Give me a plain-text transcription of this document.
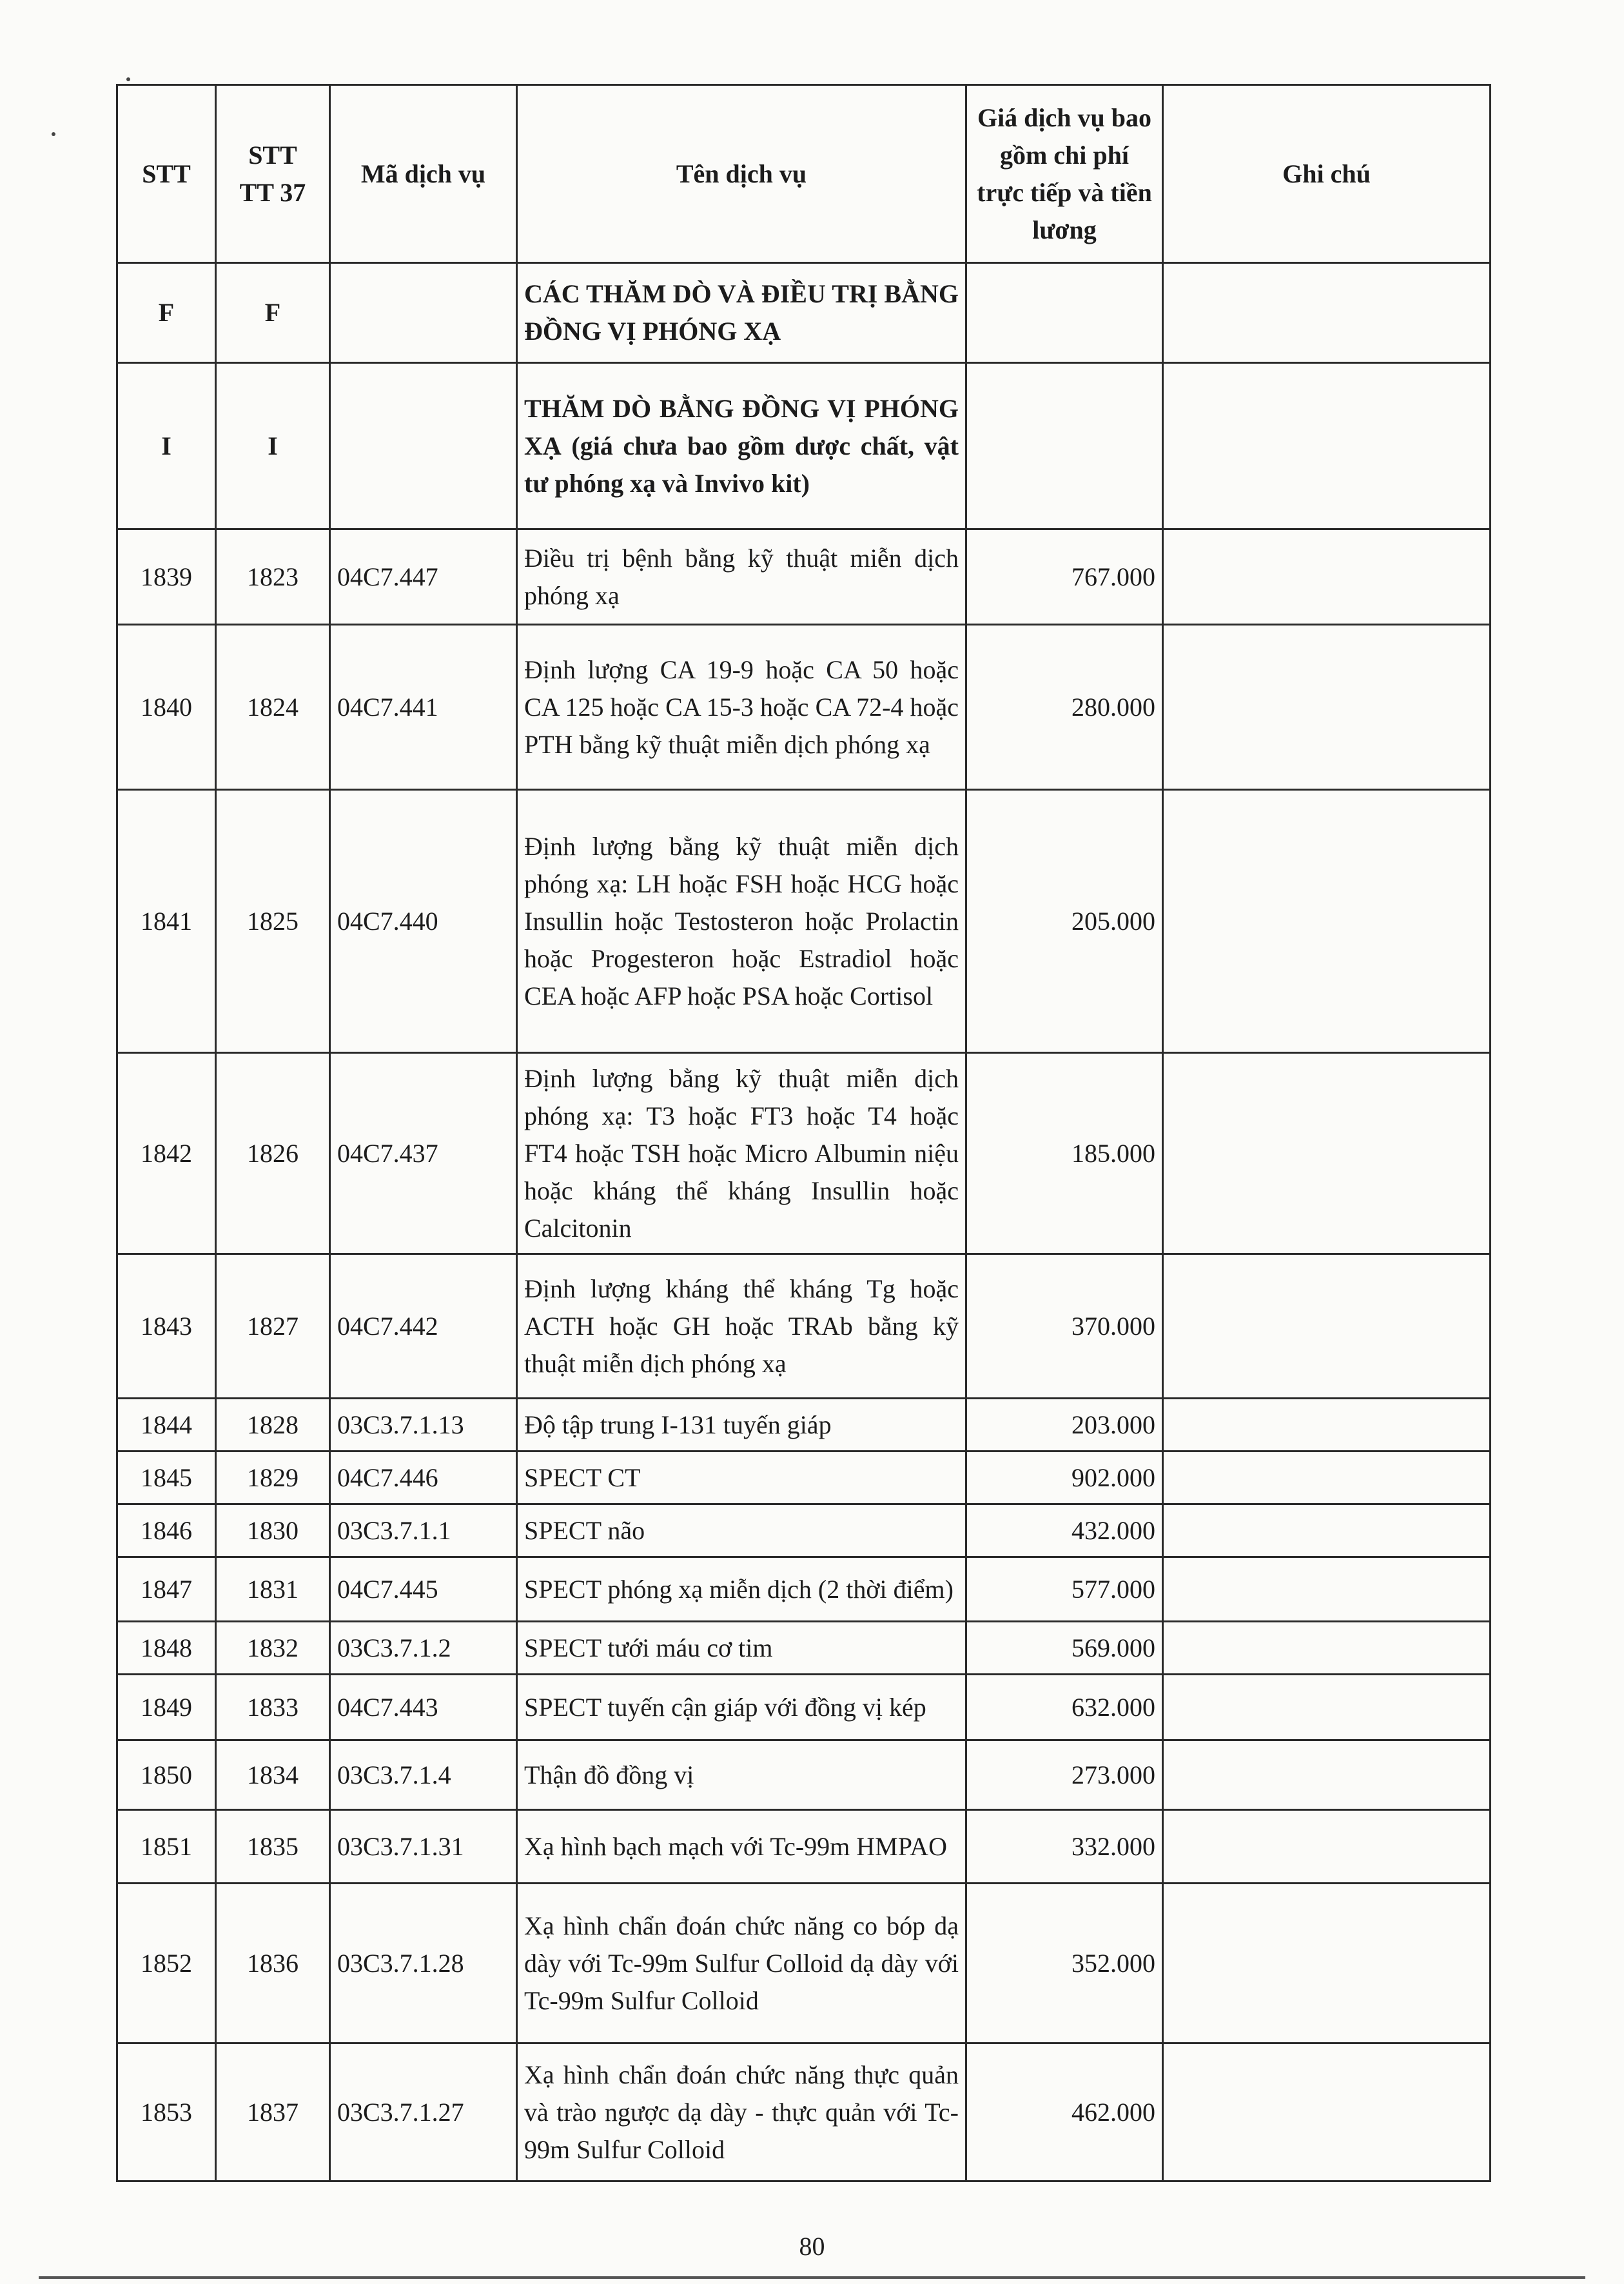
STT	STT TT 37	Mã dịch vụ	Tên dịch vụ	Giá dịch vụ bao gồm chi phí trực tiếp và tiền lương	Ghi chú
F	F		CÁC THĂM DÒ VÀ ĐIỀU TRỊ BẰNG ĐỒNG VỊ PHÓNG XẠ		
I	I		THĂM DÒ BẰNG ĐỒNG VỊ PHÓNG XẠ (giá chưa bao gồm dược chất, vật tư phóng xạ và Invivo kit)		
1839	1823	04C7.447	Điều trị bệnh bằng kỹ thuật miễn dịch phóng xạ	767.000	
1840	1824	04C7.441	Định lượng CA 19-9 hoặc CA 50 hoặc CA 125 hoặc CA 15-3 hoặc CA 72-4 hoặc PTH bằng kỹ thuật miễn dịch phóng xạ	280.000	
1841	1825	04C7.440	Định lượng bằng kỹ thuật miễn dịch phóng xạ: LH hoặc FSH hoặc HCG hoặc Insullin hoặc Testosteron hoặc Prolactin hoặc Progesteron hoặc Estradiol hoặc CEA hoặc AFP hoặc PSA hoặc Cortisol	205.000	
1842	1826	04C7.437	Định lượng bằng kỹ thuật miễn dịch phóng xạ: T3 hoặc FT3 hoặc T4 hoặc FT4 hoặc TSH hoặc Micro Albumin niệu hoặc kháng thể kháng Insullin hoặc Calcitonin	185.000	
1843	1827	04C7.442	Định lượng kháng thể kháng Tg hoặc ACTH hoặc GH hoặc TRAb bằng kỹ thuật miễn dịch phóng xạ	370.000	
1844	1828	03C3.7.1.13	Độ tập trung I-131 tuyến giáp	203.000	
1845	1829	04C7.446	SPECT CT	902.000	
1846	1830	03C3.7.1.1	SPECT não	432.000	
1847	1831	04C7.445	SPECT phóng xạ miễn dịch (2 thời điểm)	577.000	
1848	1832	03C3.7.1.2	SPECT tưới máu cơ tim	569.000	
1849	1833	04C7.443	SPECT tuyến cận giáp với đồng vị kép	632.000	
1850	1834	03C3.7.1.4	Thận đồ đồng vị	273.000	
1851	1835	03C3.7.1.31	Xạ hình bạch mạch với Tc-99m HMPAO	332.000	
1852	1836	03C3.7.1.28	Xạ hình chẩn đoán chức năng co bóp dạ dày với Tc-99m Sulfur Colloid dạ dày với Tc-99m Sulfur Colloid	352.000	
1853	1837	03C3.7.1.27	Xạ hình chẩn đoán chức năng thực quản và trào ngược dạ dày - thực quản với Tc-99m Sulfur Colloid	462.000	
80
